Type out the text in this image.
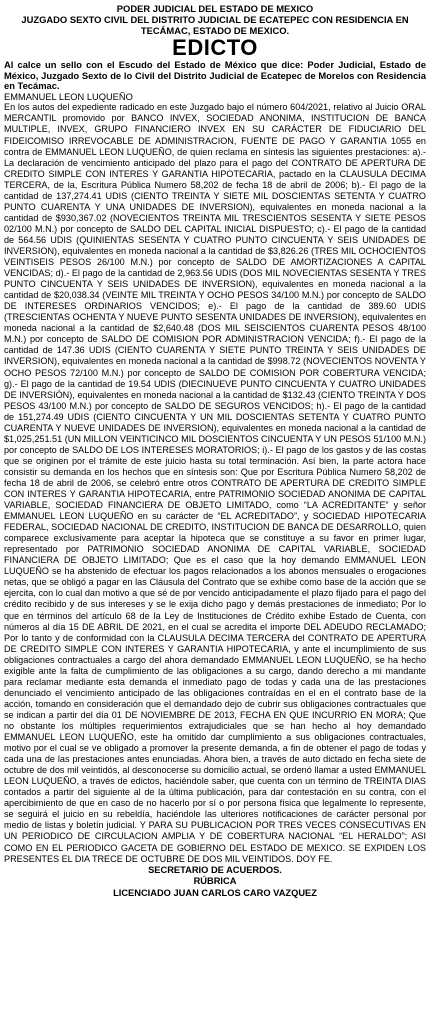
PODER JUDICIAL DEL ESTADO DE MEXICO
JUZGADO SEXTO CIVIL DEL DISTRITO JUDICIAL DE ECATEPEC CON RESIDENCIA EN TECÁMAC, ESTADO DE MEXICO.
EDICTO

Al calce un sello con el Escudo del Estado de México que dice: Poder Judicial, Estado de México, Juzgado Sexto de lo Civil del Distrito Judicial de Ecatepec de Morelos con Residencia en Tecámac.

EMMANUEL LEON LUQUEÑO

En los autos del expediente radicado en este Juzgado bajo el número 604/2021, relativo al Juicio ORAL MERCANTIL promovido por BANCO INVEX, SOCIEDAD ANONIMA, INSTITUCION DE BANCA MULTIPLE, INVEX, GRUPO FINANCIERO INVEX EN SU CARÁCTER DE FIDUCIARIO DEL FIDEICOMISO IRREVOCABLE DE ADMINISTRACION, FUENTE DE PAGO Y GARANTIA 1055 en contra de EMMANUEL LEON LUQUEÑO, de quien reclama en síntesis las siguientes prestaciones: a).- La declaración de vencimiento anticipado del plazo para el pago del CONTRATO DE APERTURA DE CREDITO SIMPLE CON INTERES Y GARANTIA HIPOTECARIA, pactado en la CLAUSULA DECIMA TERCERA, de la, Escritura Pública Numero 58,202 de fecha 18 de abril de 2006; b).- El pago de la cantidad de 137,274.41 UDIS (CIENTO TREINTA Y SIETE MIL DOSCIENTAS SETENTA Y CUATRO PUNTO CUARENTA Y UNA UNIDADES DE INVERSION), equivalentes en moneda nacional a la cantidad de $930,367.02 (NOVECIENTOS TREINTA MIL TRESCIENTOS SESENTA Y SIETE PESOS 02/100 M.N.) por concepto de SALDO DEL CAPITAL INICIAL DISPUESTO; c).- El pago de la cantidad de 564.56 UDIS (QUINIENTAS SESENTA Y CUATRO PUNTO CINCUENTA Y SEIS UNIDADES DE INVERSION), equivalentes en moneda nacional a la cantidad de $3,826.26 (TRES MIL OCHOCIENTOS VEINTISEIS PESOS 26/100 M.N.) por concepto de SALDO DE AMORTIZACIONES A CAPITAL VENCIDAS; d).- El pago de la cantidad de 2,963.56 UDIS (DOS MIL NOVECIENTAS SESENTA Y TRES PUNTO CINCUENTA Y SEIS UNIDADES DE INVERSION), equivalentes en moneda nacional a la cantidad de $20,038.34 (VEINTE MIL TREINTA Y OCHO PESOS 34/100 M.N.) por concepto de SALDO DE INTERESES ORDINARIOS VENCIDOS; e).- El pago de la cantidad de 389.60 UDIS (TRESCIENTAS OCHENTA Y NUEVE PUNTO SESENTA UNIDADES DE INVERSION), equivalentes en moneda nacional a la cantidad de $2,640.48 (DOS MIL SEISCIENTOS CUARENTA PESOS 48/100 M.N.) por concepto de SALDO DE COMISION POR ADMINISTRACION VENCIDA; f).- El pago de la cantidad de 147.36 UDIS (CIENTO CUARENTA Y SIETE PUNTO TREINTA Y SEIS UNIDADES DE INVERSION), equivalentes en moneda nacional a la cantidad de $998.72 (NOVECIENTOS NOVENTA Y OCHO PESOS 72/100 M.N.) por concepto de SALDO DE COMISION POR COBERTURA VENCIDA; g).- El pago de la cantidad de 19.54 UDIS (DIECINUEVE PUNTO CINCUENTA Y CUATRO UNIDADES DE INVERSIÓN), equivalentes en moneda nacional a la cantidad de $132.43 (CIENTO TREINTA Y DOS PESOS 43/100 M.N.) por concepto de SALDO DE SEGUROS VENCIDOS; h).- El pago de la cantidad de 151,274.49 UDIS (CIENTO CINCUENTA Y UN MIL DOSCIENTAS SETENTA Y CUATRO PUNTO CUARENTA Y NUEVE UNIDADES DE INVERSION), equivalentes en moneda nacional a la cantidad de $1,025,251.51 (UN MILLON VEINTICINCO MIL DOSCIENTOS CINCUENTA Y UN PESOS 51/100 M.N.) por concepto de SALDO DE LOS INTERESES MORATORIOS; i).- El pago de los gastos y de las costas que se originen por el trámite de este juicio hasta su total terminación. Así bien, la parte actora hace consistir su demanda en los hechos que en síntesis son: Que por Escritura Pública Numero 58,202 de fecha 18 de abril de 2006, se celebró entre otros CONTRATO DE APERTURA DE CREDITO SIMPLE CON INTERES Y GARANTIA HIPOTECARIA, entre PATRIMONIO SOCIEDAD ANONIMA DE CAPITAL VARIABLE, SOCIEDAD FINANCIERA DE OBJETO LIMITADO, como “LA ACREDITANTE” y señor EMMANUEL LEON LUQUEÑO en su carácter de “EL ACREDITADO”, y SOCIEDAD HIPOTECARIA FEDERAL, SOCIEDAD NACIONAL DE CREDITO, INSTITUCION DE BANCA DE DESARROLLO, quien comparece exclusivamente para aceptar la hipoteca que se constituye a su favor en primer lugar, representado por PATRIMONIO SOCIEDAD ANONIMA DE CAPITAL VARIABLE, SOCIEDAD FINANCIERA DE OBJETO LIMITADO; Que es el caso que la hoy demando EMMANUEL LEON LUQUEÑO se ha abstenido de efectuar los pagos relacionados a los abonos mensuales o erogaciones netas, que se obligó a pagar en las Cláusula del Contrato que se exhibe como base de la acción que se ejercita, con lo cual dan motivo a que sé de por vencido anticipadamente el plazo fijado para el pago del crédito recibido y de sus intereses y se le exija dicho pago y demás prestaciones de inmediato; Por lo que en términos del artículo 68 de la Ley de Instituciones de Crédito exhibe Estado de Cuenta, con números al día 15 DE ABRIL DE 2021, en el cual se acredita el importe DEL ADEUDO RECLAMADO; Por lo tanto y de conformidad con la CLAUSULA DECIMA TERCERA del CONTRATO DE APERTURA DE CREDITO SIMPLE CON INTERES Y GARANTIA HIPOTECARIA, y ante el incumplimiento de sus obligaciones contractuales a cargo del ahora demandado EMMANUEL LEON LUQUEÑO, se ha hecho exigible ante la falta de cumplimiento de las obligaciones a su cargo, dando derecho a mi mandante para reclamar mediante esta demanda el inmediato pago de todas y cada una de las prestaciones denunciado el vencimiento anticipado de las obligaciones contraídas en el en el contrato base de la acción, tomando en consideración que el demandado dejo de cubrir sus obligaciones contractuales que se indican a partir del día 01 DE NOVIEMBRE DE 2013, FECHA EN QUE INCURRIO EN MORA; Que no obstante los múltiples requerimientos extrajudiciales que se han hecho al hoy demandado EMMANUEL LEON LUQUEÑO, este ha omitido dar cumplimiento a sus obligaciones contractuales, motivo por el cual se ve obligado a promover la presente demanda, a fin de obtener el pago de todas y cada una de las prestaciones antes enunciadas. Ahora bien, a través de auto dictado en fecha siete de octubre de dos mil veintidós, al desconocerse su domicilio actual, se ordenó llamar a usted EMMANUEL LEON LUQUEÑO, a través de edictos, haciéndole saber, que cuenta con un término de TREINTA DIAS contados a partir del siguiente al de la última publicación, para dar contestación en su contra, con el apercibimiento de que en caso de no hacerlo por sí o por persona física que legalmente lo represente, se seguirá el juicio en su rebeldía, haciéndole las ulteriores notificaciones de carácter personal por medio de listas y boletín judicial. Y PARA SU PUBLICACION POR TRES VECES CONSECUTIVAS EN UN PERIODICO DE CIRCULACION AMPLIA Y DE COBERTURA NACIONAL “EL HERALDO”; ASI COMO EN EL PERIODICO GACETA DE GOBIERNO DEL ESTADO DE MEXICO. SE EXPIDEN LOS PRESENTES EL DIA TRECE DE OCTUBRE DE DOS MIL VEINTIDOS. DOY FE.

SECRETARIO DE ACUERDOS.
RÚBRICA
LICENCIADO JUAN CARLOS CARO VAZQUEZ
